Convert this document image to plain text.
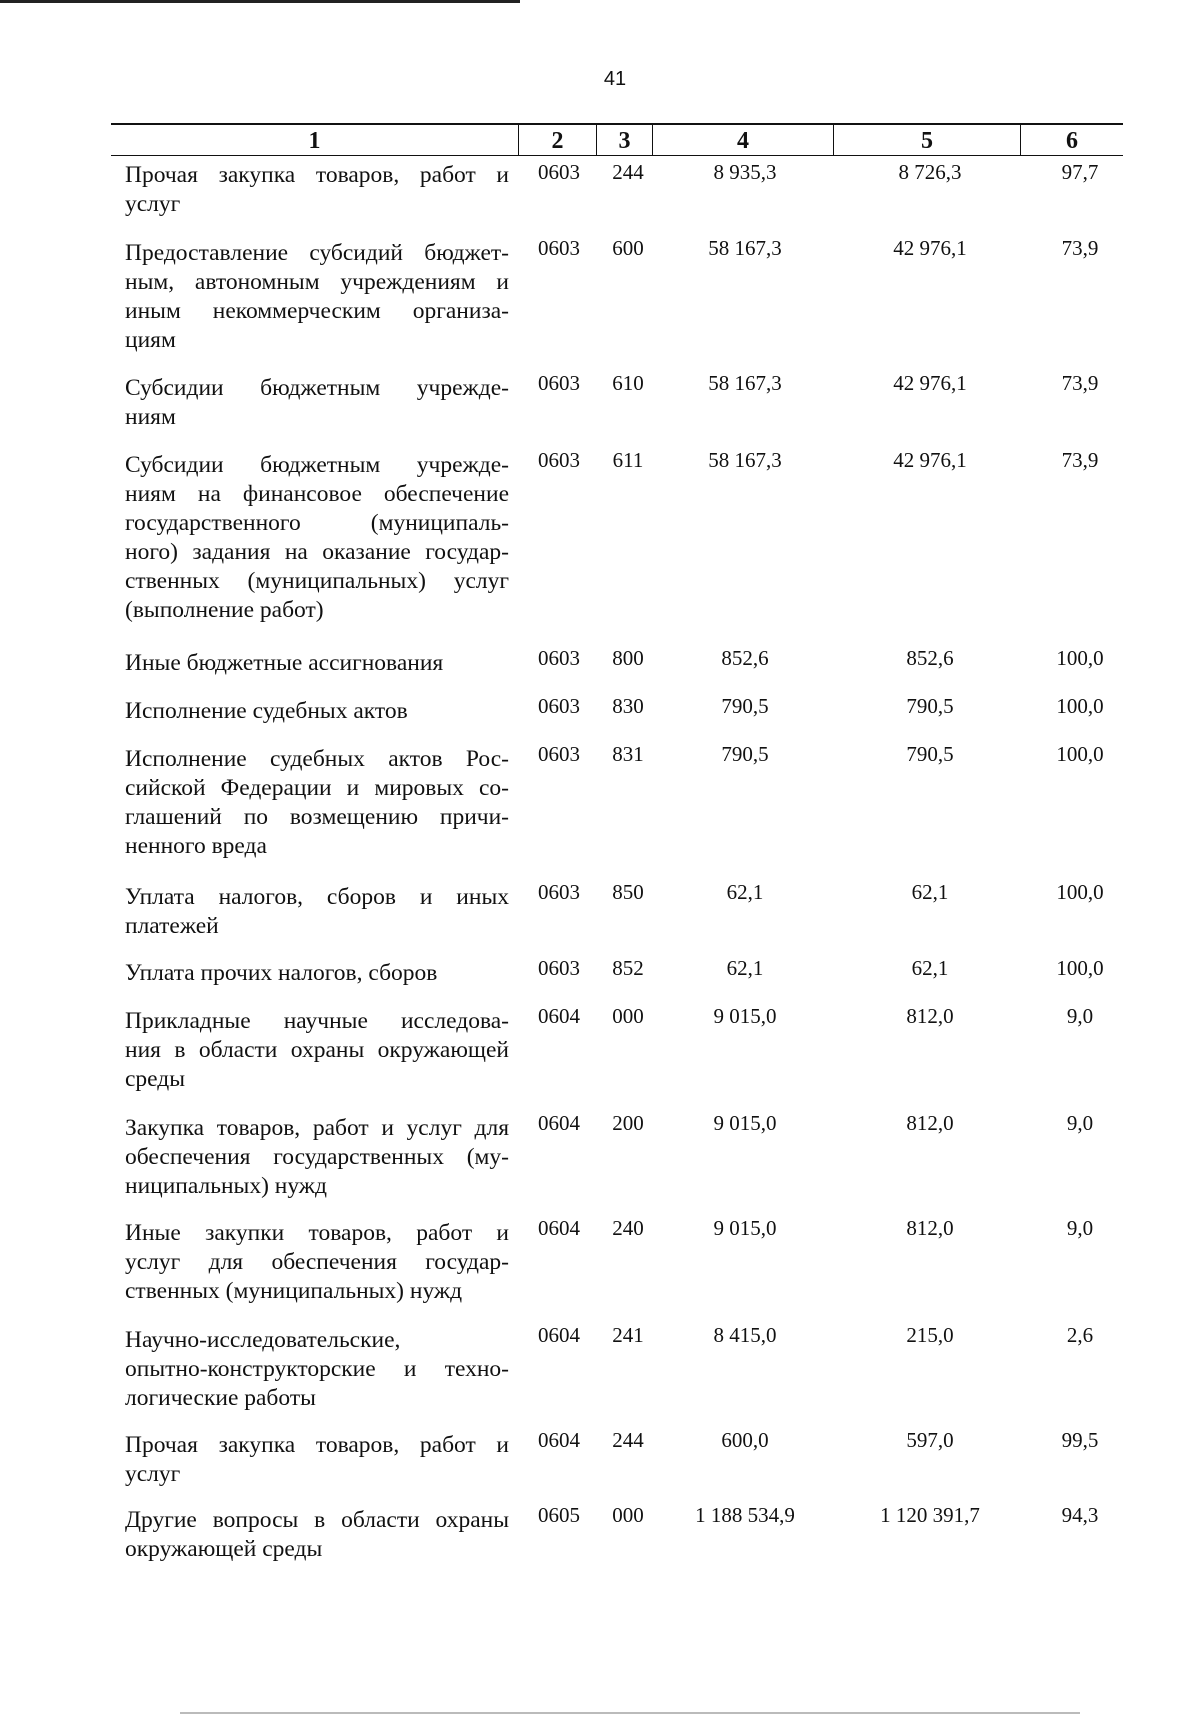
41
1	2	3	4	5	6
Прочая закупка товаров, работ и
услуг
0603	244	8 935,3	8 726,3	97,7
Предоставление субсидий бюджет-
ным, автономным учреждениям и
иным некоммерческим организа-
циям
0603	600	58 167,3	42 976,1	73,9
Субсидии бюджетным учрежде-
ниям
0603	610	58 167,3	42 976,1	73,9
Субсидии бюджетным учрежде-
ниям на финансовое обеспечение
государственного (муниципаль-
ного) задания на оказание государ-
ственных (муниципальных) услуг
(выполнение работ)
0603	611	58 167,3	42 976,1	73,9
Иные бюджетные ассигнования	0603	800	852,6	852,6	100,0
Исполнение судебных актов	0603	830	790,5	790,5	100,0
Исполнение судебных актов Рос-
сийской Федерации и мировых со-
глашений по возмещению причи-
ненного вреда
0603	831	790,5	790,5	100,0
Уплата налогов, сборов и иных
платежей
0603	850	62,1	62,1	100,0
Уплата прочих налогов, сборов	0603	852	62,1	62,1	100,0
Прикладные научные исследова-
ния в области охраны окружающей
среды
0604	000	9 015,0	812,0	9,0
Закупка товаров, работ и услуг для
обеспечения государственных (му-
ниципальных) нужд
0604	200	9 015,0	812,0	9,0
Иные закупки товаров, работ и
услуг для обеспечения государ-
ственных (муниципальных) нужд
0604	240	9 015,0	812,0	9,0
Научно-исследовательские,
опытно-конструкторские и техно-
логические работы
0604	241	8 415,0	215,0	2,6
Прочая закупка товаров, работ и
услуг
0604	244	600,0	597,0	99,5
Другие вопросы в области охраны
окружающей среды
0605	000	1 188 534,9	1 120 391,7	94,3
